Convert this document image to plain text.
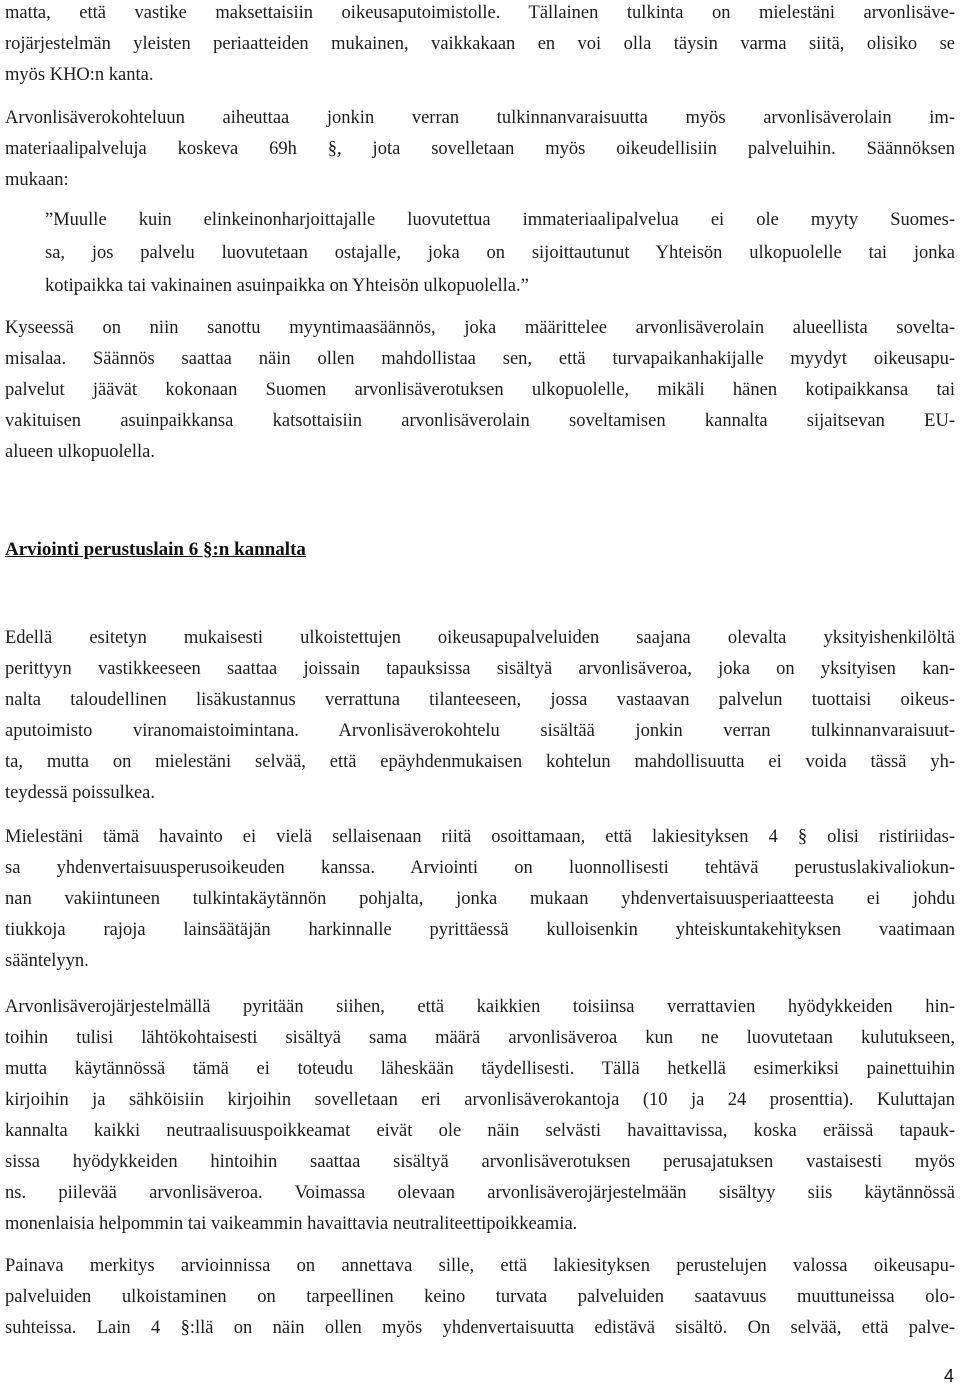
matta, että vastike maksettaisiin oikeusaputoimistolle. Tällainen tulkinta on mielestäni arvonlisäve-
rojärjestelmän yleisten periaatteiden mukainen, vaikkakaan en voi olla täysin varma siitä, olisiko se
myös KHO:n kanta.
Arvonlisäverokohteluun aiheuttaa jonkin verran tulkinnanvaraisuutta myös arvonlisäverolain im-
materiaalipalveluja koskeva 69h §, jota sovelletaan myös oikeudellisiin palveluihin. Säännöksen
mukaan:
”Muulle kuin elinkeinonharjoittajalle luovutettua immateriaalipalvelua ei ole myyty Suomes-
sa, jos palvelu luovutetaan ostajalle, joka on sijoittautunut Yhteisön ulkopuolelle tai jonka
kotipaikka tai vakinainen asuinpaikka on Yhteisön ulkopuolella.”
Kyseessä on niin sanottu myyntimaasäännös, joka määrittelee arvonlisäverolain alueellista sovelta-
misalaa. Säännös saattaa näin ollen mahdollistaa sen, että turvapaikanhakijalle myydyt oikeusapu-
palvelut jäävät kokonaan Suomen arvonlisäverotuksen ulkopuolelle, mikäli hänen kotipaikkansa tai
vakituisen asuinpaikkansa katsottaisiin arvonlisäverolain soveltamisen kannalta sijaitsevan EU-
alueen ulkopuolella.
Arviointi perustuslain 6 §:n kannalta
Edellä esitetyn mukaisesti ulkoistettujen oikeusapupalveluiden saajana olevalta yksityishenkilöltä
perittyyn vastikkeeseen saattaa joissain tapauksissa sisältyä arvonlisäveroa, joka on yksityisen kan-
nalta taloudellinen lisäkustannus verrattuna tilanteeseen, jossa vastaavan palvelun tuottaisi oikeus-
aputoimisto viranomaistoimintana. Arvonlisäverokohtelu sisältää jonkin verran tulkinnanvaraisuut-
ta, mutta on mielestäni selvää, että epäyhdenmukaisen kohtelun mahdollisuutta ei voida tässä yh-
teydessä poissulkea.
Mielestäni tämä havainto ei vielä sellaisenaan riitä osoittamaan, että lakiesityksen 4 § olisi ristiriidas-
sa yhdenvertaisuusperusoikeuden kanssa. Arviointi on luonnollisesti tehtävä perustuslakivaliokun-
nan vakiintuneen tulkintakäytännön pohjalta, jonka mukaan yhdenvertaisuusperiaatteesta ei johdu
tiukkoja rajoja lainsäätäjän harkinnalle pyrittäessä kulloisenkin yhteiskuntakehityksen vaatimaan
sääntelyyn.
Arvonlisäverojärjestelmällä pyritään siihen, että kaikkien toisiinsa verrattavien hyödykkeiden hin-
toihin tulisi lähtökohtaisesti sisältyä sama määrä arvonlisäveroa kun ne luovutetaan kulutukseen,
mutta käytännössä tämä ei toteudu läheskään täydellisesti. Tällä hetkellä esimerkiksi painettuihin
kirjoihin ja sähköisiin kirjoihin sovelletaan eri arvonlisäverokantoja (10 ja 24 prosenttia). Kuluttajan
kannalta kaikki neutraalisuuspoikkeamat eivät ole näin selvästi havaittavissa, koska eräissä tapauk-
sissa hyödykkeiden hintoihin saattaa sisältyä arvonlisäverotuksen perusajatuksen vastaisesti myös
ns. piilevää arvonlisäveroa. Voimassa olevaan arvonlisäverojärjestelmään sisältyy siis käytännössä
monenlaisia helpommin tai vaikeammin havaittavia neutraliteettipoikkeamia.
Painava merkitys arvioinnissa on annettava sille, että lakiesityksen perustelujen valossa oikeusapu-
palveluiden ulkoistaminen on tarpeellinen keino turvata palveluiden saatavuus muuttuneissa olo-
suhteissa. Lain 4 §:llä on näin ollen myös yhdenvertaisuutta edistävä sisältö. On selvää, että palve-
4
